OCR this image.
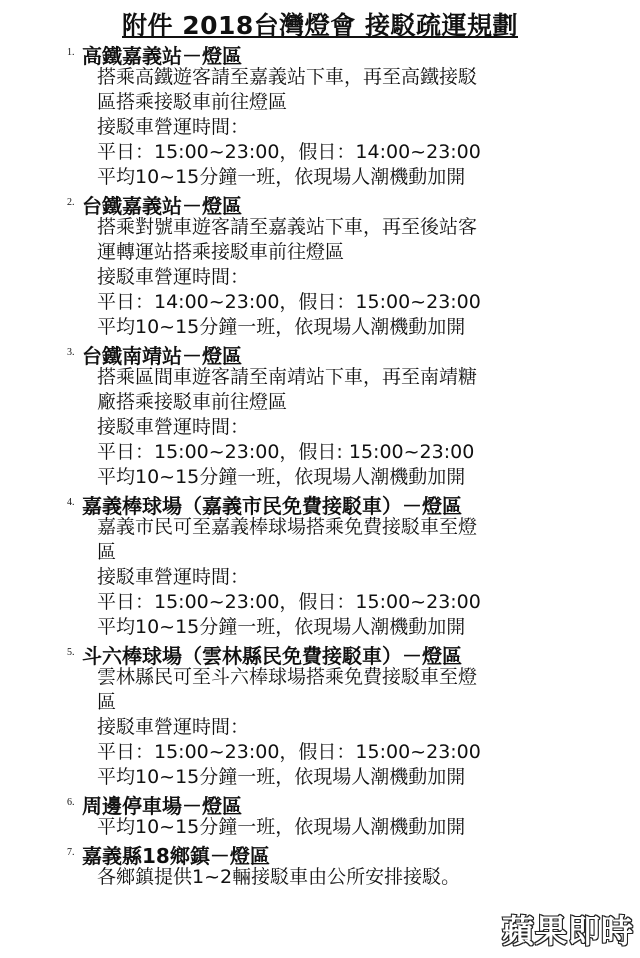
附件 2018台灣燈會 接駁疏運規劃
1. 高鐵嘉義站－燈區
搭乘高鐵遊客請至嘉義站下車，再至高鐵接駁
區搭乘接駁車前往燈區
接駁車營運時間：
平日：15:00~23:00，假日：14:00~23:00
平均10~15分鐘一班，依現場人潮機動加開
2. 台鐵嘉義站－燈區
搭乘對號車遊客請至嘉義站下車，再至後站客
運轉運站搭乘接駁車前往燈區
接駁車營運時間：
平日：14:00~23:00，假日：15:00~23:00
平均10~15分鐘一班，依現場人潮機動加開
3. 台鐵南靖站－燈區
搭乘區間車遊客請至南靖站下車，再至南靖糖
廠搭乘接駁車前往燈區
接駁車營運時間：
平日：15:00~23:00，假日: 15:00~23:00
平均10~15分鐘一班，依現場人潮機動加開
4. 嘉義棒球場（嘉義市民免費接駁車）－燈區
嘉義市民可至嘉義棒球場搭乘免費接駁車至燈
區
接駁車營運時間：
平日：15:00~23:00，假日：15:00~23:00
平均10~15分鐘一班，依現場人潮機動加開
5. 斗六棒球場（雲林縣民免費接駁車）－燈區
雲林縣民可至斗六棒球場搭乘免費接駁車至燈
區
接駁車營運時間：
平日：15:00~23:00，假日：15:00~23:00
平均10~15分鐘一班，依現場人潮機動加開
6. 周邊停車場－燈區
平均10~15分鐘一班，依現場人潮機動加開
7. 嘉義縣18鄉鎮－燈區
各鄉鎮提供1~2輛接駁車由公所安排接駁。
蘋果即時
